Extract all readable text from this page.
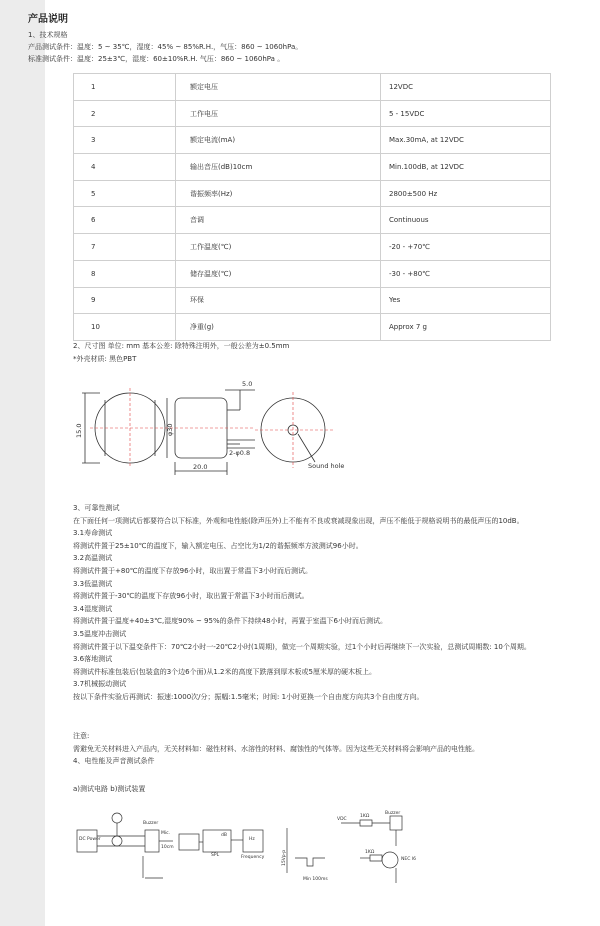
产品说明
1、技术规格
产品测试条件：温度：5 ~ 35℃，湿度：45% ~ 85%R.H.，气压：860 ~ 1060hPa。
标准测试条件：温度：25±3℃，湿度：60±10%R.H. 气压：860 ~ 1060hPa 。
1	额定电压	12VDC
2	工作电压	5 - 15VDC
3	额定电流(mA)	Max.30mA, at 12VDC
4	输出音压(dB)10cm	Min.100dB, at 12VDC
5	谐振频率(Hz)	2800±500 Hz
6	音调	Continuous
7	工作温度(℃)	-20 - +70℃
8	储存温度(℃)	-30 - +80℃
9	环保	Yes
10	净重(g)	Approx 7 g
2、尺寸图 单位: mm 基本公差: 除特殊注明外，一般公差为±0.5mm
*外壳材质: 黑色PBT
5.0
15.0	φ30
2-φ0.8
20.0	Sound hole
3、可靠性测试
在下面任何一项测试后都要符合以下标准，外观和电性能(除声压外)上不能有不良或衰减现象出现，声压不能低于规格说明书的最低声压的10dB。
3.1寿命测试
将测试件置于25±10℃的温度下，输入额定电压、占空比为1/2的谐振频率方波测试96小时。
3.2高温测试
将测试件置于+80℃的温度下存放96小时，取出置于常温下3小时而后测试。
3.3低温测试
将测试件置于-30℃的温度下存放96小时，取出置于常温下3小时而后测试。
3.4湿度测试
将测试件置于温度+40±3℃,湿度90% ~ 95%的条件下持续48小时，再置于室温下6小时而后测试。
3.5温度冲击测试
将测试件置于以下温变条件下：70℃2小时一-20℃2小时(1周期)，做完一个周期实验，过1个小时后再继续下一次实验，总测试周期数: 10个周期。
3.6落地测试
将测试件标准包装后(包装盒的3个边6个面)从1.2米的高度下跌落到厚木板或5厘米厚的硬木板上。
3.7机械振动测试
按以下条件实验后再测试：振速:1000次/分；振幅:1.5毫米；时间: 1小时更换一个自由度方向共3个自由度方向。
注意:
需避免无关材料进入产品内，无关材料如：磁性材料、水溶性的材料、腐蚀性的气体等。因为这些无关材料将会影响产品的电性能。
4、电性能及声音测试条件
a)测试电路 b)测试装置
DC Power
Buzzer
10cm
Mic.
SPL
dB
Hz
Frequency	15Vp-p
Min 100ms
VDC
1KΩ
Buzzer
1KΩ
NEC I6
